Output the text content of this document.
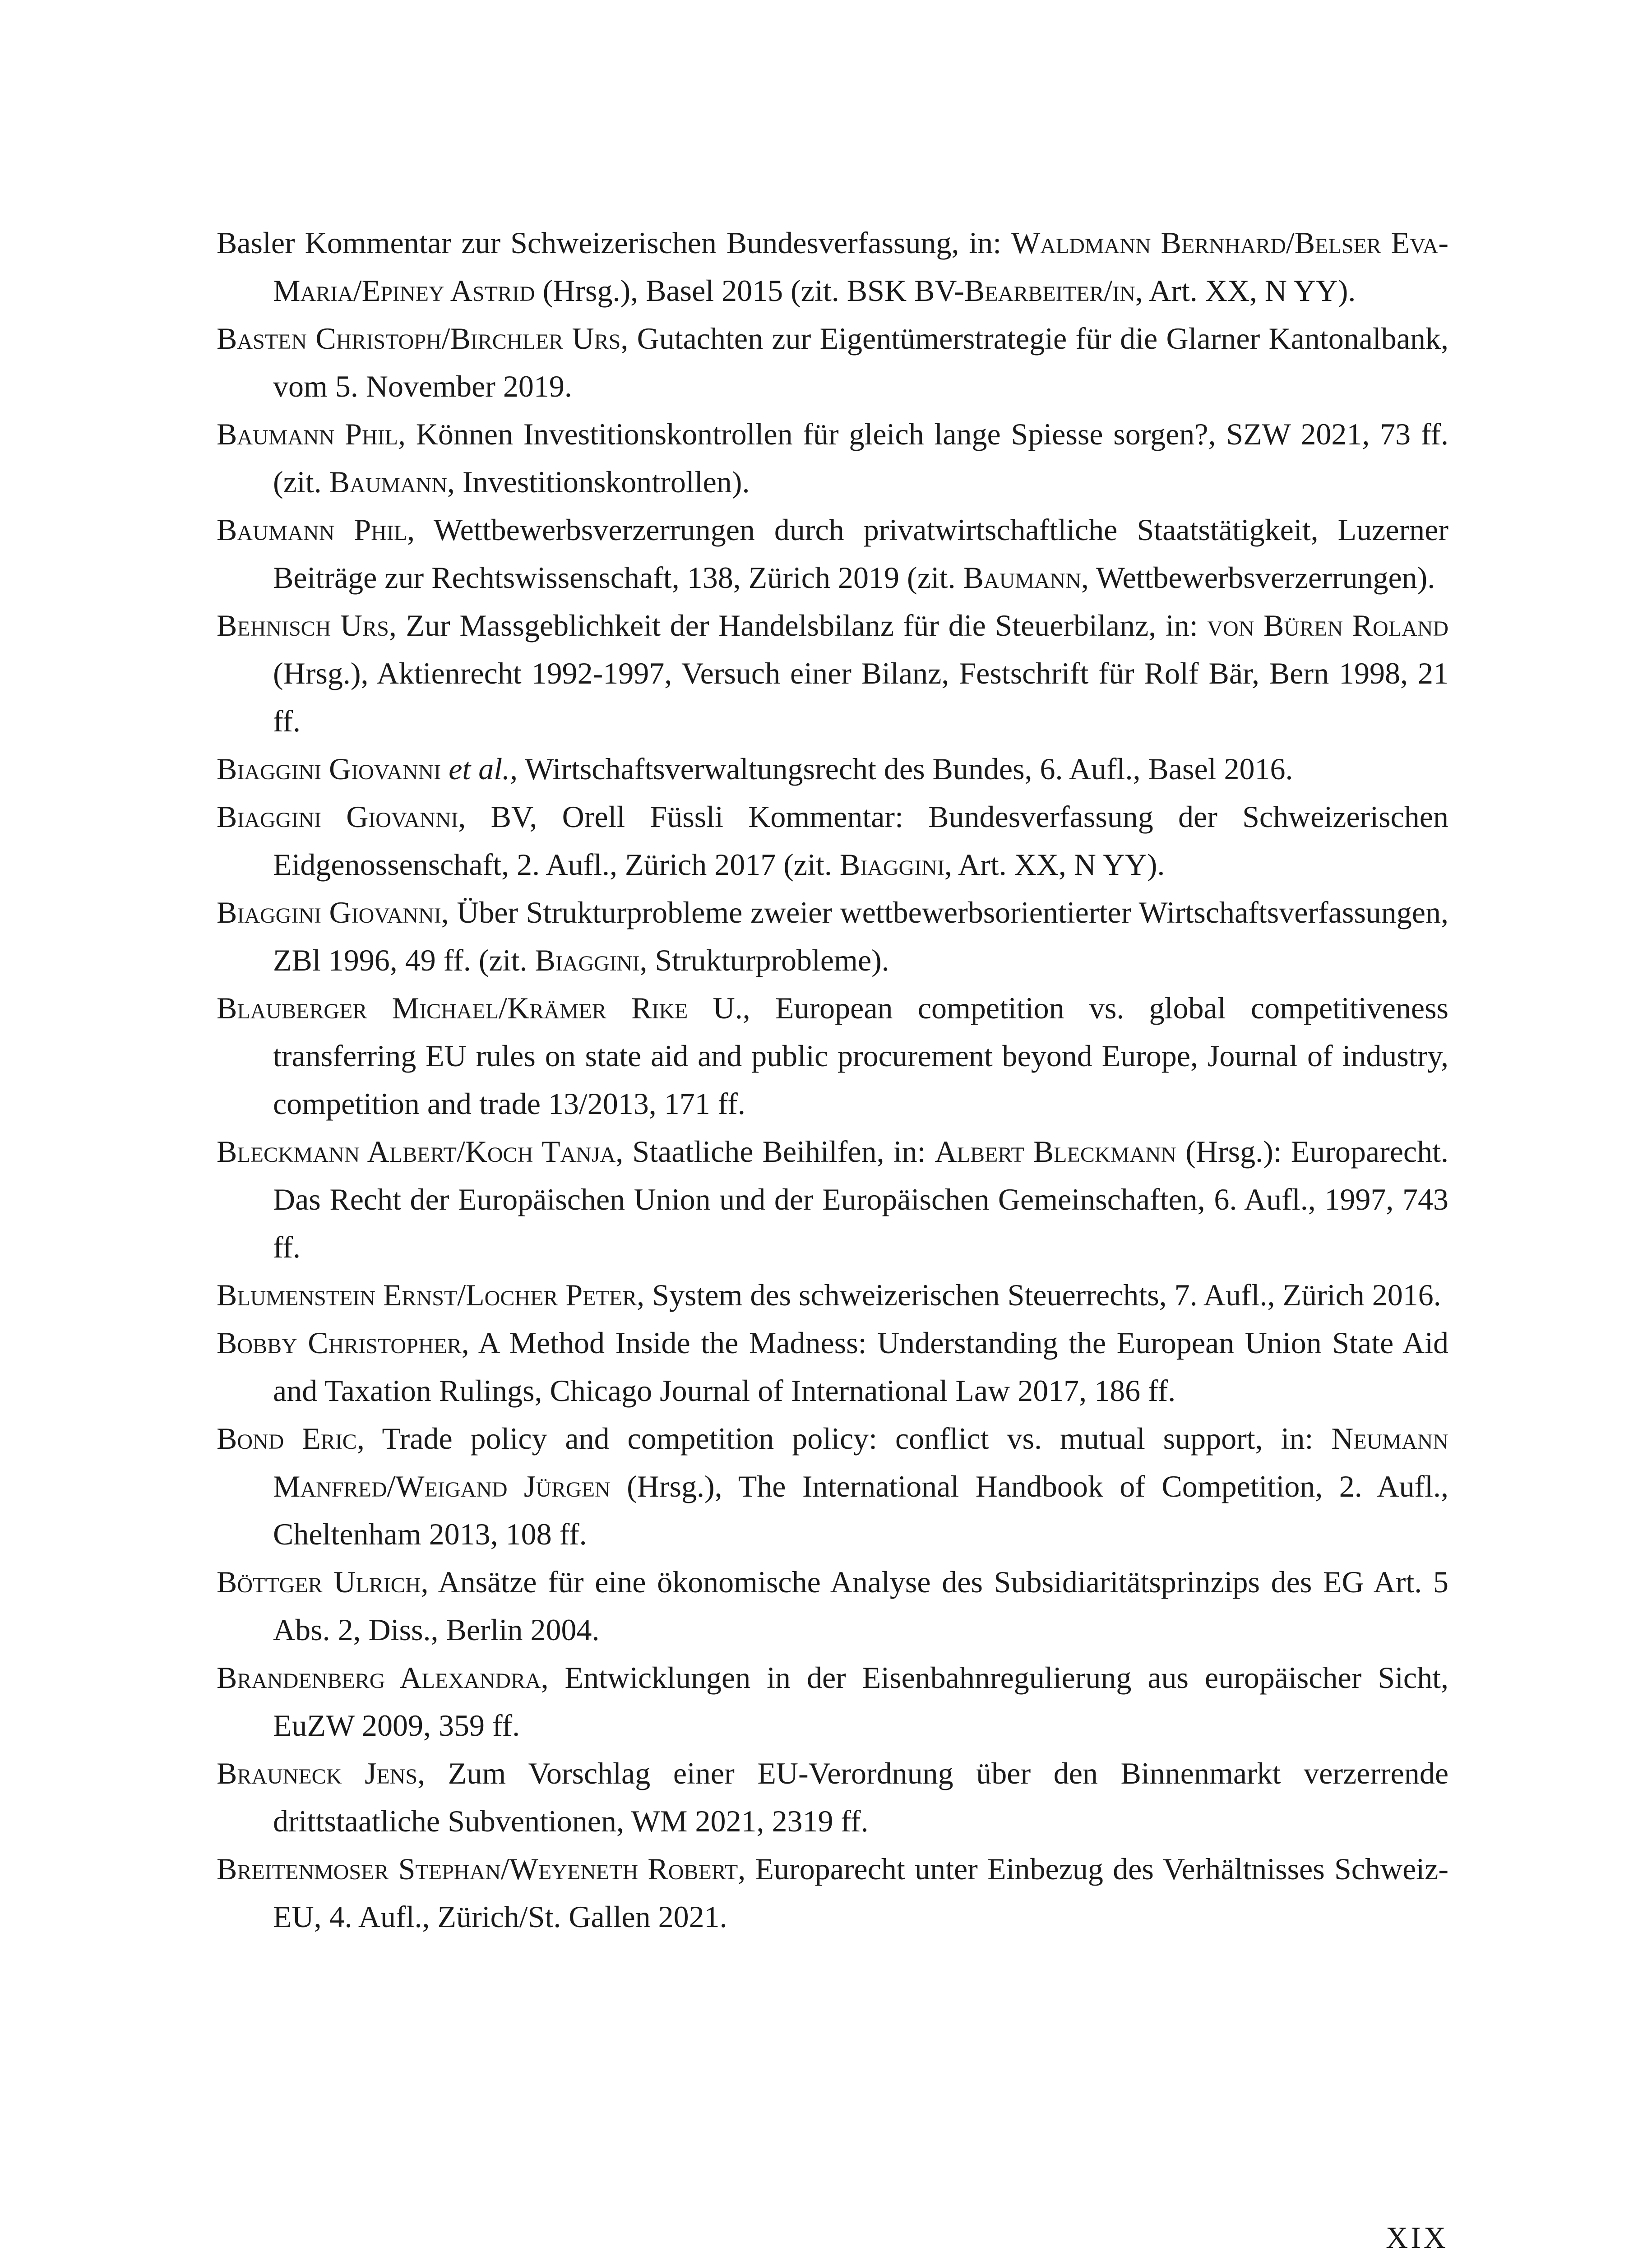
Basler Kommentar zur Schweizerischen Bundesverfassung, in: Waldmann Bernhard/Belser Eva-Maria/Epiney Astrid (Hrsg.), Basel 2015 (zit. BSK BV-Bearbeiter/in, Art. XX, N YY).
Basten Christoph/Birchler Urs, Gutachten zur Eigentümerstrategie für die Glarner Kantonalbank, vom 5. November 2019.
Baumann Phil, Können Investitionskontrollen für gleich lange Spiesse sorgen?, SZW 2021, 73 ff. (zit. Baumann, Investitionskontrollen).
Baumann Phil, Wettbewerbsverzerrungen durch privatwirtschaftliche Staatstätigkeit, Luzerner Beiträge zur Rechtswissenschaft, 138, Zürich 2019 (zit. Baumann, Wettbewerbsverzerrungen).
Behnisch Urs, Zur Massgeblichkeit der Handelsbilanz für die Steuerbilanz, in: von Büren Roland (Hrsg.), Aktienrecht 1992-1997, Versuch einer Bilanz, Festschrift für Rolf Bär, Bern 1998, 21 ff.
Biaggini Giovanni et al., Wirtschaftsverwaltungsrecht des Bundes, 6. Aufl., Basel 2016.
Biaggini Giovanni, BV, Orell Füssli Kommentar: Bundesverfassung der Schweizerischen Eidgenossenschaft, 2. Aufl., Zürich 2017 (zit. Biaggini, Art. XX, N YY).
Biaggini Giovanni, Über Strukturprobleme zweier wettbewerbsorientierter Wirtschaftsverfassungen, ZBl 1996, 49 ff. (zit. Biaggini, Strukturprobleme).
Blauberger Michael/Krämer Rike U., European competition vs. global competitiveness transferring EU rules on state aid and public procurement beyond Europe, Journal of industry, competition and trade 13/2013, 171 ff.
Bleckmann Albert/Koch Tanja, Staatliche Beihilfen, in: Albert Bleckmann (Hrsg.): Europarecht. Das Recht der Europäischen Union und der Europäischen Gemeinschaften, 6. Aufl., 1997, 743 ff.
Blumenstein Ernst/Locher Peter, System des schweizerischen Steuerrechts, 7. Aufl., Zürich 2016.
Bobby Christopher, A Method Inside the Madness: Understanding the European Union State Aid and Taxation Rulings, Chicago Journal of International Law 2017, 186 ff.
Bond Eric, Trade policy and competition policy: conflict vs. mutual support, in: Neumann Manfred/Weigand Jürgen (Hrsg.), The International Handbook of Competition, 2. Aufl., Cheltenham 2013, 108 ff.
Böttger Ulrich, Ansätze für eine ökonomische Analyse des Subsidiaritätsprinzips des EG Art. 5 Abs. 2, Diss., Berlin 2004.
Brandenberg Alexandra, Entwicklungen in der Eisenbahnregulierung aus europäischer Sicht, EuZW 2009, 359 ff.
Brauneck Jens, Zum Vorschlag einer EU-Verordnung über den Binnenmarkt verzerrende drittstaatliche Subventionen, WM 2021, 2319 ff.
Breitenmoser Stephan/Weyeneth Robert, Europarecht unter Einbezug des Verhältnisses Schweiz-EU, 4. Aufl., Zürich/St. Gallen 2021.
XIX
